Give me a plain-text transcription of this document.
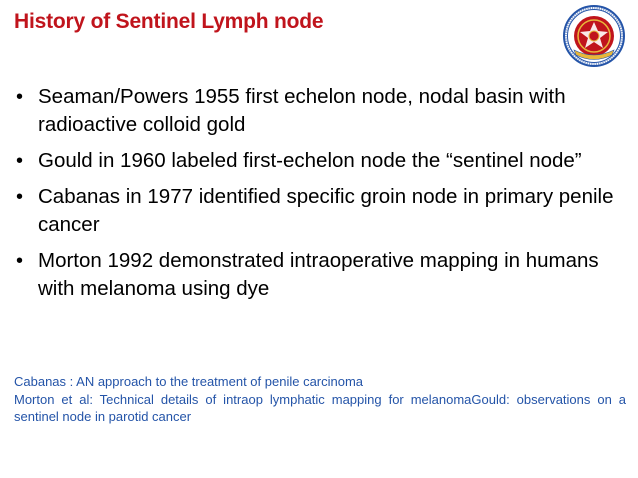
History of Sentinel Lymph node
• Seaman/Powers 1955 first echelon node, nodal basin with radioactive colloid gold
• Gould in 1960 labeled first-echelon node the “sentinel node”
• Cabanas in 1977 identified specific groin node in primary penile cancer
• Morton 1992 demonstrated intraoperative mapping in humans with melanoma using dye
Cabanas : AN approach to the treatment of penile carcinoma
Morton et al: Technical details of intraop lymphatic mapping for melanomaGould: observations on a sentinel node in parotid cancer
